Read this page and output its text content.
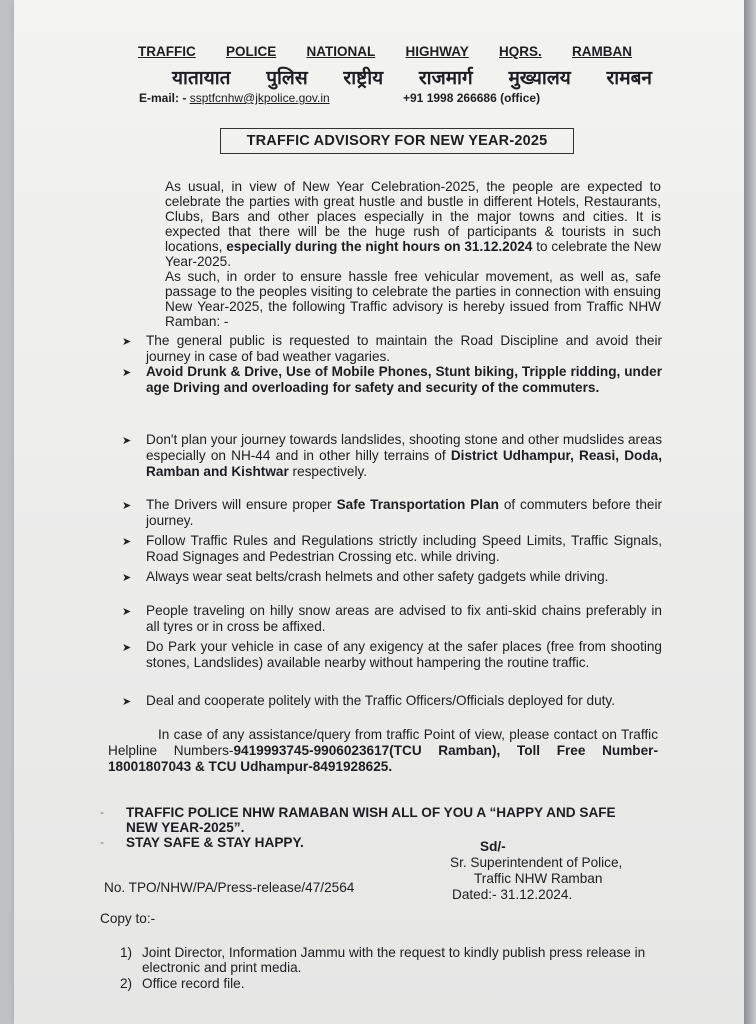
TRAFFIC POLICE NATIONAL HIGHWAY HQRS. RAMBAN
यातायात पुलिस राष्ट्रीय राजमार्ग मुख्यालय रामबन
E-mail: - ssptfcnhw@jkpolice.gov.in	+91 1998 266686 (office)
TRAFFIC ADVISORY FOR NEW YEAR-2025
As usual, in view of New Year Celebration-2025, the people are expected to celebrate the parties with great hustle and bustle in different Hotels, Restaurants, Clubs, Bars and other places especially in the major towns and cities. It is expected that there will be the huge rush of participants & tourists in such locations, especially during the night hours on 31.12.2024 to celebrate the New Year-2025.
As such, in order to ensure hassle free vehicular movement, as well as, safe passage to the peoples visiting to celebrate the parties in connection with ensuing New Year-2025, the following Traffic advisory is hereby issued from Traffic NHW Ramban: -
➤	The general public is requested to maintain the Road Discipline and avoid their journey in case of bad weather vagaries.
➤	Avoid Drunk & Drive, Use of Mobile Phones, Stunt biking, Tripple ridding, under age Driving and overloading for safety and security of the commuters.
➤	Don't plan your journey towards landslides, shooting stone and other mudslides areas especially on NH-44 and in other hilly terrains of District Udhampur, Reasi, Doda, Ramban and Kishtwar respectively.
➤	The Drivers will ensure proper Safe Transportation Plan of commuters before their journey.
➤	Follow Traffic Rules and Regulations strictly including Speed Limits, Traffic Signals, Road Signages and Pedestrian Crossing etc. while driving.
➤	Always wear seat belts/crash helmets and other safety gadgets while driving.
➤	People traveling on hilly snow areas are advised to fix anti-skid chains preferably in all tyres or in cross be affixed.
➤	Do Park your vehicle in case of any exigency at the safer places (free from shooting stones, Landslides) available nearby without hampering the routine traffic.
➤	Deal and cooperate politely with the Traffic Officers/Officials deployed for duty.
In case of any assistance/query from traffic Point of view, please contact on Traffic Helpline Numbers-9419993745-9906023617(TCU Ramban), Toll Free Number-18001807043 & TCU Udhampur-8491928625.
- TRAFFIC POLICE NHW RAMABAN WISH ALL OF YOU A “HAPPY AND SAFE NEW YEAR-2025”.
- STAY SAFE & STAY HAPPY.	Sd/-
Sr. Superintendent of Police,
Traffic NHW Ramban
Dated:- 31.12.2024.
No. TPO/NHW/PA/Press-release/47/2564
Copy to:-
1) Joint Director, Information Jammu with the request to kindly publish press release in electronic and print media.
2) Office record file.
